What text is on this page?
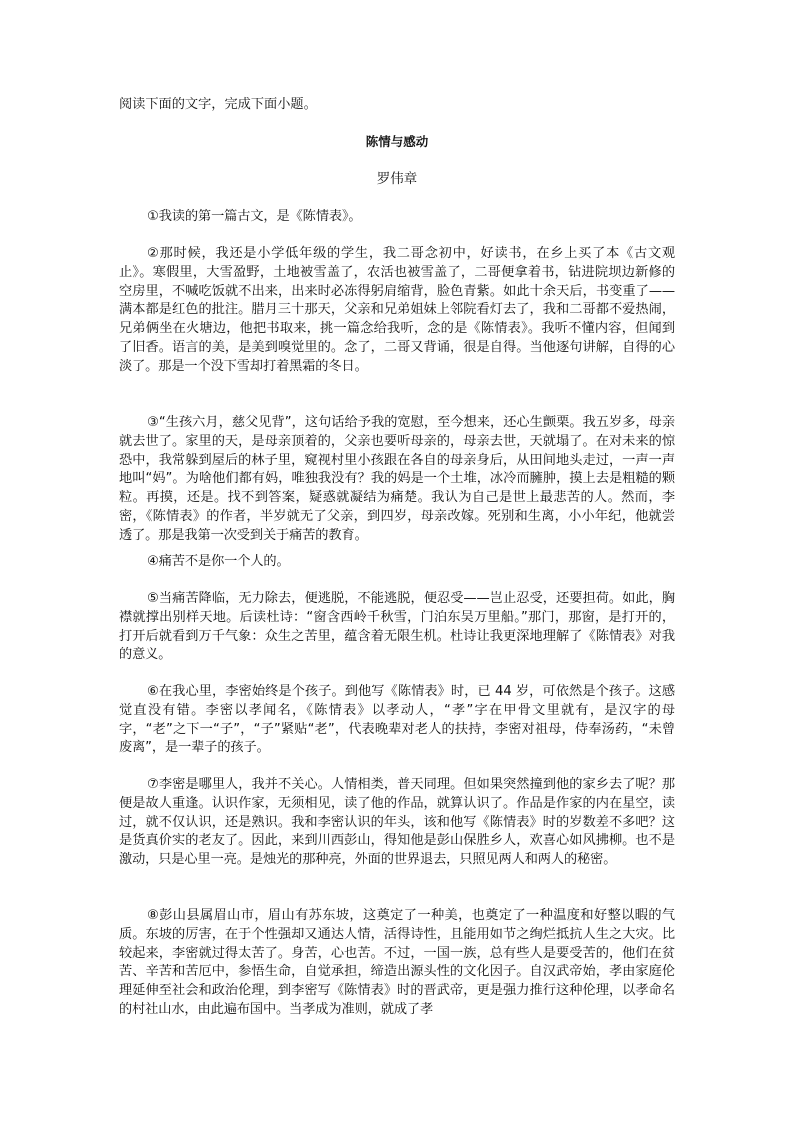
阅读下面的文字，完成下面小题。
陈情与感动
罗伟章

①我读的第一篇古文，是《陈情表》。

②那时候，我还是小学低年级的学生，我二哥念初中，好读书，在乡上买了本《古文观止》。寒假里，大雪盈野，土地被雪盖了，农活也被雪盖了，二哥便拿着书，钻进院坝边新修的空房里，不喊吃饭就不出来，出来时必冻得躬肩缩背，脸色青紫。如此十余天后，书变重了——满本都是红色的批注。腊月三十那天，父亲和兄弟姐妹上邻院看灯去了，我和二哥都不爱热闹，兄弟俩坐在火塘边，他把书取来，挑一篇念给我听，念的是《陈情表》。我听不懂内容，但闻到了旧香。语言的美，是美到嗅觉里的。念了，二哥又背诵，很是自得。当他逐句讲解，自得的心淡了。那是一个没下雪却打着黑霜的冬日。

③“生孩六月，慈父见背”，这句话给予我的宽慰，至今想来，还心生颤栗。我五岁多，母亲就去世了。家里的天，是母亲顶着的，父亲也要听母亲的，母亲去世，天就塌了。在对未来的惊恐中，我常躲到屋后的林子里，窥视村里小孩跟在各自的母亲身后，从田间地头走过，一声一声地叫“妈”。为啥他们都有妈，唯独我没有？我的妈是一个土堆，冰冷而臃肿，摸上去是粗糙的颗粒。再摸，还是。找不到答案，疑惑就凝结为痛楚。我认为自己是世上最悲苦的人。然而，李密，《陈情表》的作者，半岁就无了父亲，到四岁，母亲改嫁。死别和生离，小小年纪，他就尝透了。那是我第一次受到关于痛苦的教育。

④痛苦不是你一个人的。

⑤当痛苦降临，无力除去，便逃脱，不能逃脱，便忍受——岂止忍受，还要担荷。如此，胸襟就撑出别样天地。后读杜诗：“窗含西岭千秋雪，门泊东吴万里船。”那门，那窗，是打开的，打开后就看到万千气象：众生之苦里，蕴含着无限生机。杜诗让我更深地理解了《陈情表》对我的意义。

⑥在我心里，李密始终是个孩子。到他写《陈情表》时，已 44 岁，可依然是个孩子。这感觉直没有错。李密以孝闻名，《陈情表》以孝动人，“孝”字在甲骨文里就有，是汉字的母字，“老”之下一“子”，“子”紧贴“老”，代表晚辈对老人的扶持，李密对祖母，侍奉汤药，“未曾废离”，是一辈子的孩子。

⑦李密是哪里人，我并不关心。人情相类，普天同理。但如果突然撞到他的家乡去了呢？那便是故人重逢。认识作家，无须相见，读了他的作品，就算认识了。作品是作家的内在星空，读过，就不仅认识，还是熟识。我和李密认识的年头，该和他写《陈情表》时的岁数差不多吧？这是货真价实的老友了。因此，来到川西彭山，得知他是彭山保胜乡人，欢喜心如风拂柳。也不是激动，只是心里一亮。是烛光的那种亮，外面的世界退去，只照见两人和两人的秘密。

⑧彭山县属眉山市，眉山有苏东坡，这奠定了一种美，也奠定了一种温度和好整以暇的气质。东坡的厉害，在于个性强却又通达人情，活得诗性，且能用如节之绚烂抵抗人生之大灾。比较起来，李密就过得太苦了。身苦，心也苦。不过，一国一族，总有些人是要受苦的，他们在贫苦、辛苦和苦厄中，参悟生命，自觉承担，缔造出源头性的文化因子。自汉武帝始，孝由家庭伦理延伸至社会和政治伦理，到李密写《陈情表》时的晋武帝，更是强力推行这种伦理，以孝命名的村社山水，由此遍布国中。当孝成为准则，就成了孝
